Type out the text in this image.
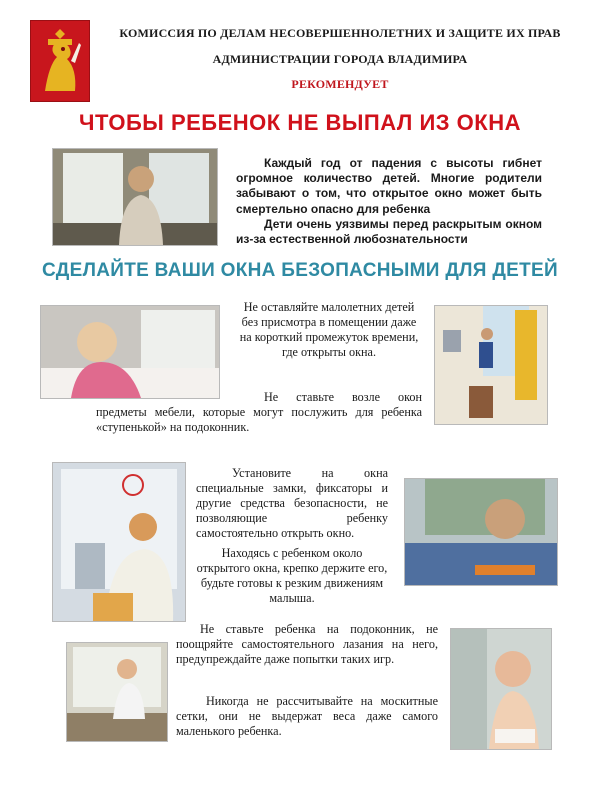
КОМИССИЯ ПО ДЕЛАМ НЕСОВЕРШЕННОЛЕТНИХ И ЗАЩИТЕ ИХ ПРАВ
АДМИНИСТРАЦИИ ГОРОДА ВЛАДИМИРА
РЕКОМЕНДУЕТ
ЧТОБЫ РЕБЕНОК НЕ ВЫПАЛ ИЗ ОКНА

Каждый год от падения с высоты гибнет огромное количество детей. Многие родители забывают о том, что открытое окно может быть смертельно опасно для ребенка

Дети очень уязвимы перед раскрытым окном из-за естественной любознательности

СДЕЛАЙТЕ ВАШИ ОКНА БЕЗОПАСНЫМИ ДЛЯ ДЕТЕЙ
Не оставляйте малолетних детей без присмотра в помещении даже на короткий промежуток времени, где открыты окна.
Не ставьте возле окон предметы мебели, которые могут послужить для ребенка «ступенькой» на подоконник.
Установите на окна специальные замки, фиксаторы и другие средства безопасности, не позволяющие ребенку самостоятельно открыть окно.
Находясь с ребенком около открытого окна, крепко держите его, будьте готовы к резким движениям малыша.
Не ставьте ребенка на подоконник, не поощряйте самостоятельного лазания на него, предупреждайте даже попытки таких игр.
Никогда не рассчитывайте на москитные сетки, они не выдержат веса даже самого маленького ребенка.
